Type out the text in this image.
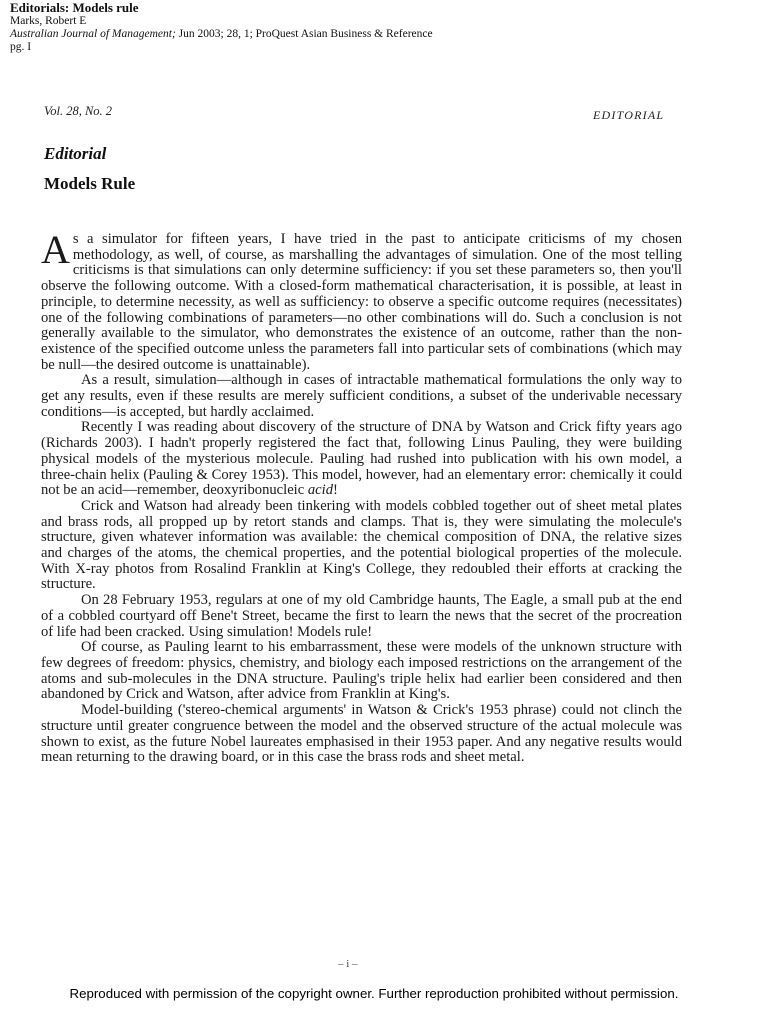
Editorials: Models rule
Marks, Robert E
Australian Journal of Management; Jun 2003; 28, 1; ProQuest Asian Business & Reference
pg. I
Vol. 28, No. 2	EDITORIAL
Editorial
Models Rule

As a simulator for fifteen years, I have tried in the past to anticipate criticisms of my chosen methodology, as well, of course, as marshalling the advantages of simulation. One of the most telling criticisms is that simulations can only determine sufficiency: if you set these parameters so, then you'll observe the following outcome. With a closed-form mathematical characterisation, it is possible, at least in principle, to determine necessity, as well as sufficiency: to observe a specific outcome requires (necessitates) one of the following combinations of parameters—no other combinations will do. Such a conclusion is not generally available to the simulator, who demonstrates the existence of an outcome, rather than the non-existence of the specified outcome unless the parameters fall into particular sets of combinations (which may be null—the desired outcome is unattainable).

As a result, simulation—although in cases of intractable mathematical formulations the only way to get any results, even if these results are merely sufficient conditions, a subset of the underivable necessary conditions—is accepted, but hardly acclaimed.

Recently I was reading about discovery of the structure of DNA by Watson and Crick fifty years ago (Richards 2003). I hadn't properly registered the fact that, following Linus Pauling, they were building physical models of the mysterious molecule. Pauling had rushed into publication with his own model, a three-chain helix (Pauling & Corey 1953). This model, however, had an elementary error: chemically it could not be an acid—remember, deoxyribonucleic acid!

Crick and Watson had already been tinkering with models cobbled together out of sheet metal plates and brass rods, all propped up by retort stands and clamps. That is, they were simulating the molecule's structure, given whatever information was available: the chemical composition of DNA, the relative sizes and charges of the atoms, the chemical properties, and the potential biological properties of the molecule. With X-ray photos from Rosalind Franklin at King's College, they redoubled their efforts at cracking the structure.

On 28 February 1953, regulars at one of my old Cambridge haunts, The Eagle, a small pub at the end of a cobbled courtyard off Bene't Street, became the first to learn the news that the secret of the procreation of life had been cracked. Using simulation! Models rule!

Of course, as Pauling learnt to his embarrassment, these were models of the unknown structure with few degrees of freedom: physics, chemistry, and biology each imposed restrictions on the arrangement of the atoms and sub-molecules in the DNA structure. Pauling's triple helix had earlier been considered and then abandoned by Crick and Watson, after advice from Franklin at King's.

Model-building ('stereo-chemical arguments' in Watson & Crick's 1953 phrase) could not clinch the structure until greater congruence between the model and the observed structure of the actual molecule was shown to exist, as the future Nobel laureates emphasised in their 1953 paper. And any negative results would mean returning to the drawing board, or in this case the brass rods and sheet metal.

– i –
Reproduced with permission of the copyright owner. Further reproduction prohibited without permission.
